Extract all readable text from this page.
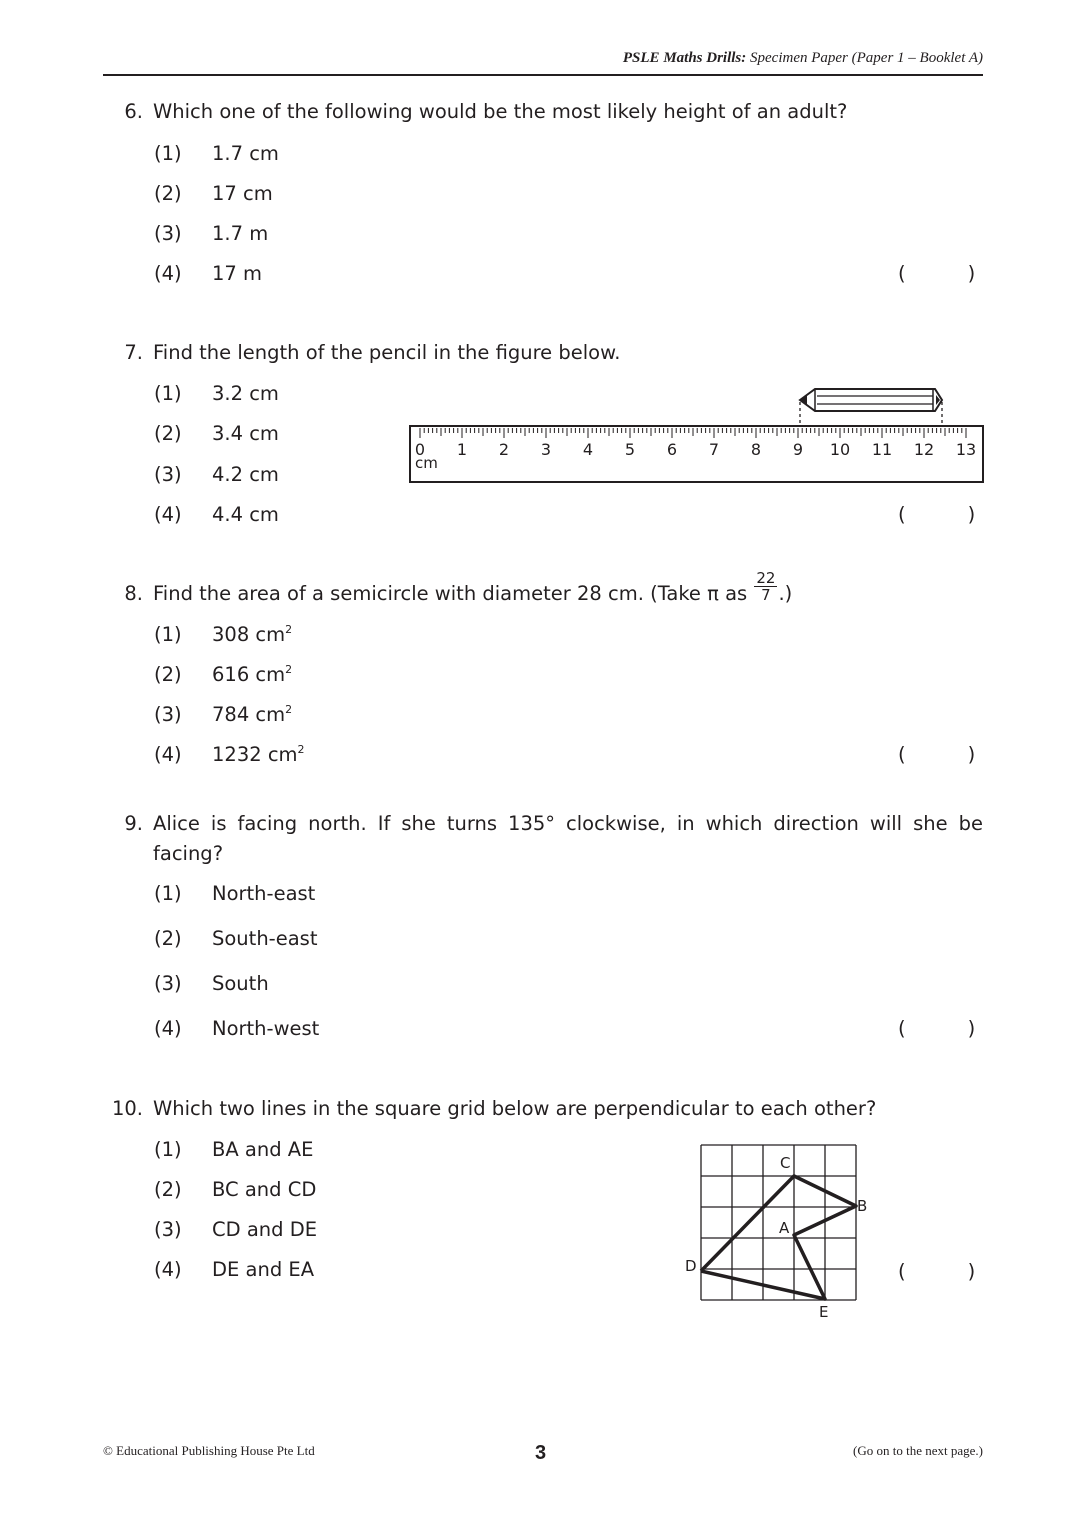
PSLE Maths Drills: Specimen Paper (Paper 1 – Booklet A)
6. Which one of the following would be the most likely height of an adult?
(1) 1.7 cm
(2) 17 cm
(3) 1.7 m
(4) 17 m	(          )
7. Find the length of the pencil in the figure below.
(1) 3.2 cm
(2) 3.4 cm
(3) 4.2 cm
(4) 4.4 cm	(          )
0 1 2 3 4 5 6 7 8 9 10 11 12 13
cm
8. Find the area of a semicircle with diameter 28 cm. (Take π as $\frac{22}{7}$ .)
(1) 308 $cm^2$
(2) 616 $cm^2$
(3) 784 $cm^2$
(4) 1232 $cm^2$	(          )
9. Alice is facing north. If she turns 135° clockwise, in which direction will she be
facing?
(1) North-east
(2) South-east
(3) South
(4) North-west	(          )
10. Which two lines in the square grid below are perpendicular to each other?
(1) BA and AE
(2) BC and CD
(3) CD and DE
(4) DE and EA	(          )
C
B
A
D
E
© Educational Publishing House Pte Ltd	3	(Go on to the next page.)
